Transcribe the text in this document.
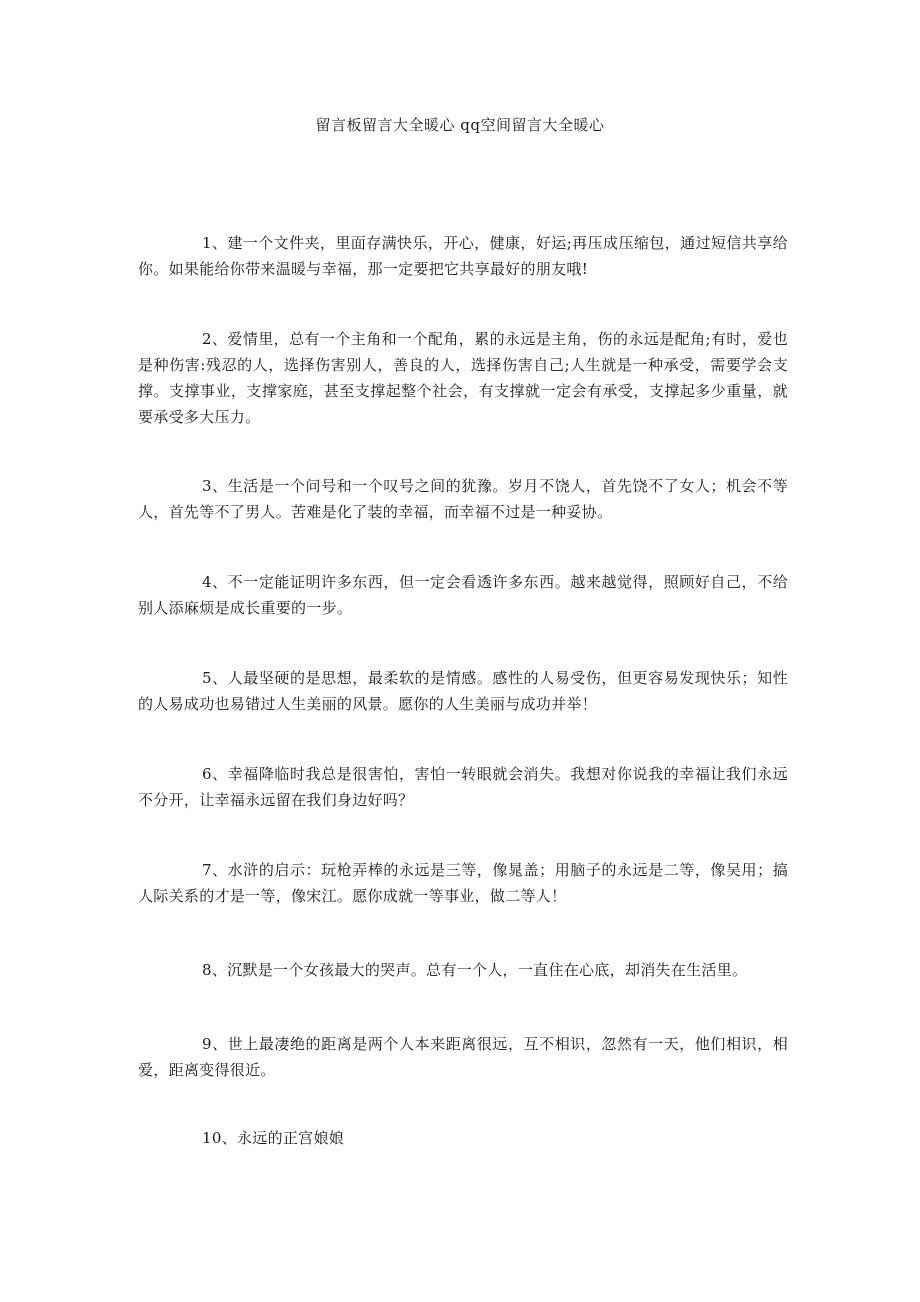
留言板留言大全暖心 qq空间留言大全暖心

1、建一个文件夹，里面存满快乐，开心，健康，好运;再压成压缩包，通过短信共享给你。如果能给你带来温暖与幸福，那一定要把它共享最好的朋友哦!

2、爱情里，总有一个主角和一个配角，累的永远是主角，伤的永远是配角;有时，爱也是种伤害:残忍的人，选择伤害别人，善良的人，选择伤害自己;人生就是一种承受，需要学会支撑。支撑事业，支撑家庭，甚至支撑起整个社会，有支撑就一定会有承受，支撑起多少重量，就要承受多大压力。

3、生活是一个问号和一个叹号之间的犹豫。岁月不饶人，首先饶不了女人；机会不等人，首先等不了男人。苦难是化了装的幸福，而幸福不过是一种妥协。

4、不一定能证明许多东西，但一定会看透许多东西。越来越觉得，照顾好自己，不给别人添麻烦是成长重要的一步。

5、人最坚硬的是思想，最柔软的是情感。感性的人易受伤，但更容易发现快乐；知性的人易成功也易错过人生美丽的风景。愿你的人生美丽与成功并举！

6、幸福降临时我总是很害怕，害怕一转眼就会消失。我想对你说我的幸福让我们永远不分开，让幸福永远留在我们身边好吗？

7、水浒的启示：玩枪弄棒的永远是三等，像晁盖；用脑子的永远是二等，像吴用；搞人际关系的才是一等，像宋江。愿你成就一等事业，做二等人！

8、沉默是一个女孩最大的哭声。总有一个人，一直住在心底，却消失在生活里。

9、世上最凄绝的距离是两个人本来距离很远，互不相识，忽然有一天，他们相识，相爱，距离变得很近。

10、永远的正宫娘娘
